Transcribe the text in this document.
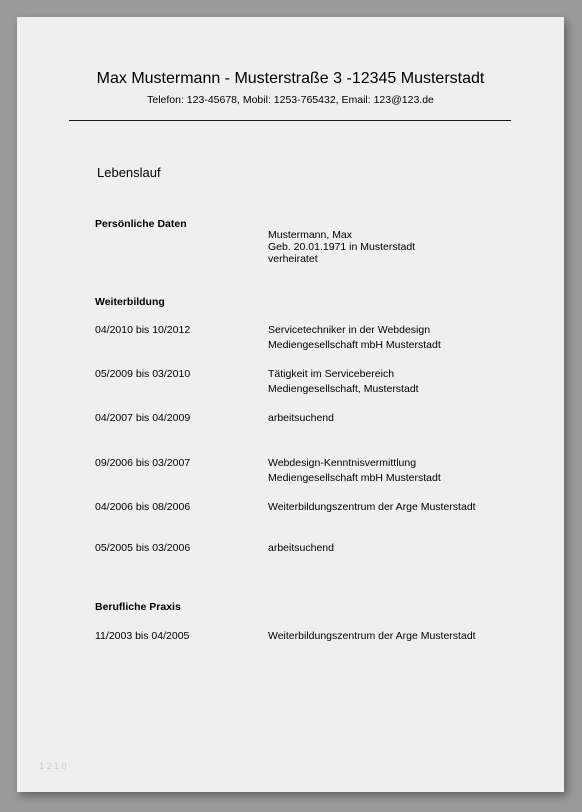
Max Mustermann - Musterstraße 3 -12345 Musterstadt
Telefon: 123-45678, Mobil: 1253-765432, Email: 123@123.de
Lebenslauf
Persönliche Daten
Mustermann, Max
Geb. 20.01.1971 in Musterstadt
verheiratet
Weiterbildung
04/2010 bis 10/2012	Servicetechniker in der Webdesign
Mediengesellschaft mbH Musterstadt
05/2009 bis 03/2010	Tätigkeit im Servicebereich
Mediengesellschaft, Musterstadt
04/2007 bis 04/2009	arbeitsuchend
09/2006 bis 03/2007	Webdesign-Kenntnisvermittlung
Mediengesellschaft mbH Musterstadt
04/2006 bis 08/2006	Weiterbildungszentrum der Arge Musterstadt
05/2005 bis 03/2006	arbeitsuchend
Berufliche Praxis
11/2003 bis 04/2005	Weiterbildungszentrum der Arge Musterstadt
1 2 1 0
